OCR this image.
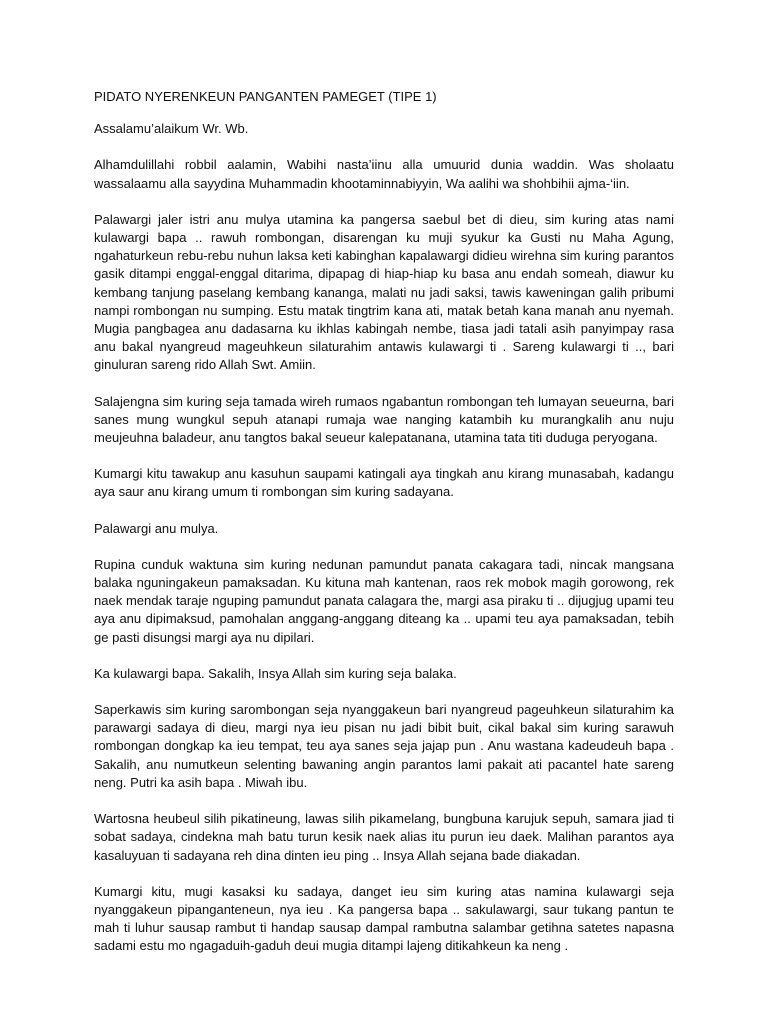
PIDATO NYERENKEUN PANGANTEN PAMEGET (TIPE 1)

Assalamu’alaikum Wr. Wb.

Alhamdulillahi robbil aalamin, Wabihi nasta’iinu alla umuurid dunia waddin. Was sholaatu wassalaamu alla sayydina Muhammadin khootaminnabiyyin, Wa aalihi wa shohbihii ajma-‘iin.

Palawargi jaler istri anu mulya utamina ka pangersa saebul bet di dieu, sim kuring atas nami kulawargi bapa .. rawuh rombongan, disarengan ku muji syukur ka Gusti nu Maha Agung, ngahaturkeun rebu-rebu nuhun laksa keti kabinghan kapalawargi didieu wirehna sim kuring parantos gasik ditampi enggal-enggal ditarima, dipapag di hiap-hiap ku basa anu endah someah, diawur ku kembang tanjung paselang kembang kananga, malati nu jadi saksi, tawis kaweningan galih pribumi nampi rombongan nu sumping. Estu matak tingtrim kana ati, matak betah kana manah anu nyemah. Mugia pangbagea anu dadasarna ku ikhlas kabingah nembe, tiasa jadi tatali asih panyimpay rasa anu bakal nyangreud mageuhkeun silaturahim antawis kulawargi ti . Sareng kulawargi ti .., bari ginuluran sareng rido Allah Swt. Amiin.

Salajengna sim kuring seja tamada wireh rumaos ngabantun rombongan teh lumayan seueurna, bari sanes mung wungkul sepuh atanapi rumaja wae nanging katambih ku murangkalih anu nuju meujeuhna baladeur, anu tangtos bakal seueur kalepatanana, utamina tata titi duduga peryogana.

Kumargi kitu tawakup anu kasuhun saupami katingali aya tingkah anu kirang munasabah, kadangu aya saur anu kirang umum ti rombongan sim kuring sadayana.

Palawargi anu mulya.

Rupina cunduk waktuna sim kuring nedunan pamundut panata cakagara tadi, nincak mangsana balaka nguningakeun pamaksadan. Ku kituna mah kantenan, raos rek mobok magih gorowong, rek naek mendak taraje nguping pamundut panata calagara the, margi asa piraku ti .. dijugjug upami teu aya anu dipimaksud, pamohalan anggang-anggang diteang ka .. upami teu aya pamaksadan, tebih ge pasti disungsi margi aya nu dipilari.

Ka kulawargi bapa. Sakalih, Insya Allah sim kuring seja balaka.

Saperkawis sim kuring sarombongan seja nyanggakeun bari nyangreud pageuhkeun silaturahim ka parawargi sadaya di dieu, margi nya ieu pisan nu jadi bibit buit, cikal bakal sim kuring sarawuh rombongan dongkap ka ieu tempat, teu aya sanes seja jajap pun . Anu wastana kadeudeuh bapa . Sakalih, anu numutkeun selenting bawaning angin parantos lami pakait ati pacantel hate sareng neng. Putri ka asih bapa . Miwah ibu.

Wartosna heubeul silih pikatineung, lawas silih pikamelang, bungbuna karujuk sepuh, samara jiad ti sobat sadaya, cindekna mah batu turun kesik naek alias itu purun ieu daek. Malihan parantos aya kasaluyuan ti sadayana reh dina dinten ieu ping .. Insya Allah sejana bade diakadan.

Kumargi kitu, mugi kasaksi ku sadaya, danget ieu sim kuring atas namina kulawargi seja nyanggakeun pipanganteneun, nya ieu . Ka pangersa bapa .. sakulawargi, saur tukang pantun te mah ti luhur sausap rambut ti handap sausap dampal rambutna salambar getihna satetes napasna sadami estu mo ngagaduih-gaduh deui mugia ditampi lajeng ditikahkeun ka neng .
